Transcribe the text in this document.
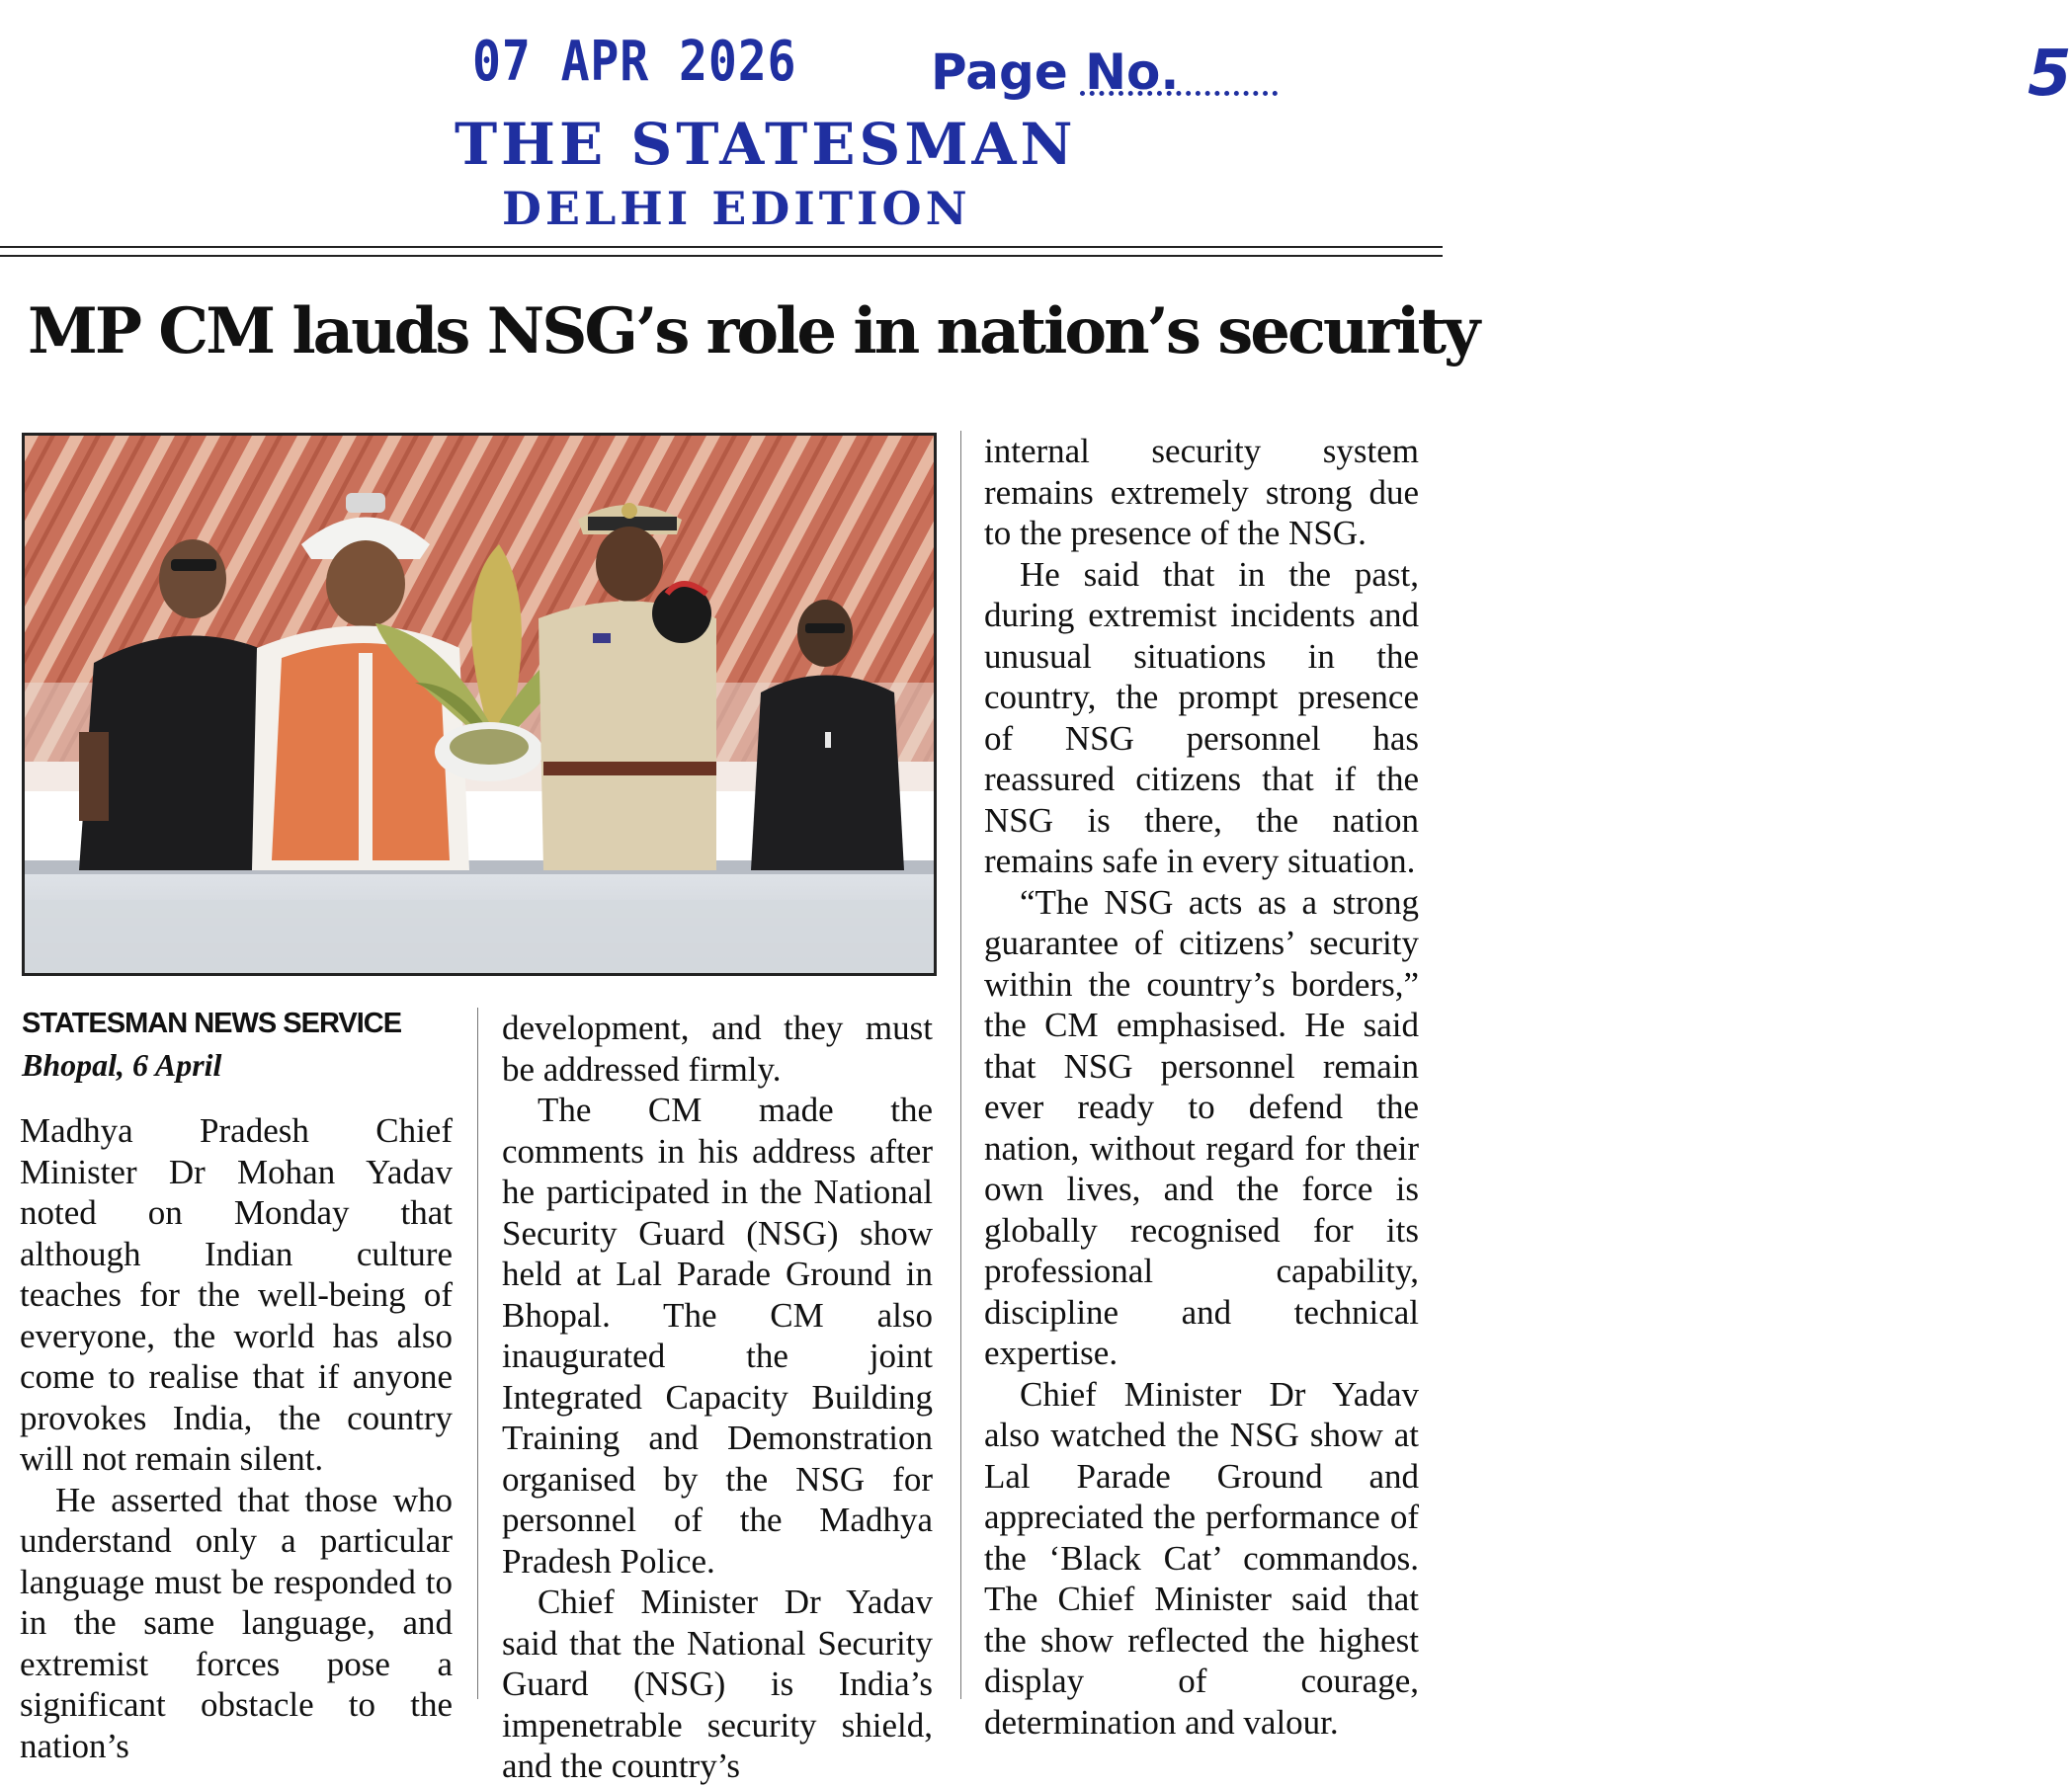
07 APR 2026	Page No.	5
THE STATESMAN
DELHI EDITION
MP CM lauds NSG’s role in nation’s security
STATESMAN NEWS SERVICE
Bhopal, 6 April

Madhya Pradesh Chief Minister Dr Mohan Yadav noted on Monday that although Indian culture teaches for the well-being of everyone, the world has also come to realise that if anyone provokes India, the country will not remain silent.

He asserted that those who understand only a particular language must be responded to in the same language, and extremist forces pose a significant obstacle to the nation’s

development, and they must be addressed firmly.

The CM made the comments in his address after he participated in the National Security Guard (NSG) show held at Lal Parade Ground in Bhopal. The CM also inaugurated the joint Integrated Capacity Building Training and Demonstration organised by the NSG for personnel of the Madhya Pradesh Police.

Chief Minister Dr Yadav said that the National Security Guard (NSG) is India’s impenetrable security shield, and the country’s

internal security system remains extremely strong due to the presence of the NSG.

He said that in the past, during extremist incidents and unusual situations in the country, the prompt presence of NSG personnel has reassured citizens that if the NSG is there, the nation remains safe in every situation.

“The NSG acts as a strong guarantee of citizens’ security within the country’s borders,” the CM emphasised. He said that NSG personnel remain ever ready to defend the nation, without regard for their own lives, and the force is globally recognised for its professional capability, discipline and technical expertise.

Chief Minister Dr Yadav also watched the NSG show at Lal Parade Ground and appreciated the performance of the ‘Black Cat’ commandos. The Chief Minister said that the show reflected the highest display of courage, determination and valour.
